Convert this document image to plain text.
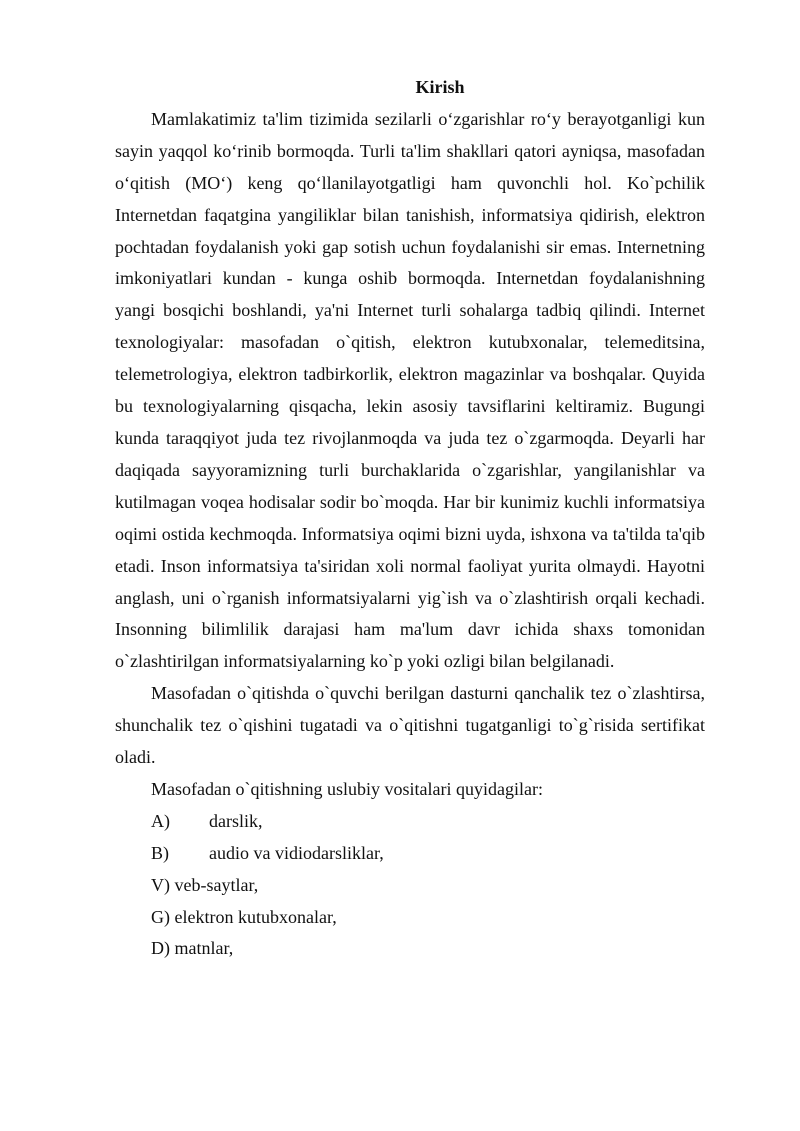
Kirish

Mamlakatimiz ta'lim tizimida sezilarli o‘zgarishlar ro‘y berayotganligi kun sayin yaqqol ko‘rinib bormoqda. Turli ta'lim shakllari qatori ayniqsa, masofadan o‘qitish (MO‘) keng qo‘llanilayotgatligi ham quvonchli hol. Ko`pchilik Internetdan faqatgina yangiliklar bilan tanishish, informatsiya qidirish, elektron pochtadan foydalanish yoki gap sotish uchun foydalanishi sir emas. Internetning imkoniyatlari kundan - kunga oshib bormoqda. Internetdan foydalanishning yangi bosqichi boshlandi, ya'ni Internet turli sohalarga tadbiq qilindi. Internet texnologiyalar: masofadan o`qitish, elektron kutubxonalar, telemeditsina, telemetrologiya, elektron tadbirkorlik, elektron magazinlar va boshqalar. Quyida bu texnologiyalarning qisqacha, lekin asosiy tavsiflarini keltiramiz. Bugungi kunda taraqqiyot juda tez rivojlanmoqda va juda tez o`zgarmoqda. Deyarli har daqiqada sayyoramizning turli burchaklarida o`zgarishlar, yangilanishlar va kutilmagan voqea hodisalar sodir bo`moqda. Har bir kunimiz kuchli informatsiya oqimi ostida kechmoqda. Informatsiya oqimi bizni uyda, ishxona va ta'tilda ta'qib etadi. Inson informatsiya ta'siridan xoli normal faoliyat yurita olmaydi. Hayotni anglash, uni o`rganish informatsiyalarni yig`ish va o`zlashtirish orqali kechadi. Insonning bilimlilik darajasi ham ma'lum davr ichida shaxs tomonidan o`zlashtirilgan informatsiyalarning ko`p yoki ozligi bilan belgilanadi.

Masofadan o`qitishda o`quvchi berilgan dasturni qanchalik tez o`zlashtirsa, shunchalik tez o`qishini tugatadi va o`qitishni tugatganligi to`g`risida sertifikat oladi.

Masofadan o`qitishning uslubiy vositalari quyidagilar:

A) darslik,
B) audio va vidiodarsliklar,
V) veb-saytlar,
G) elektron kutubxonalar,
D) matnlar,
